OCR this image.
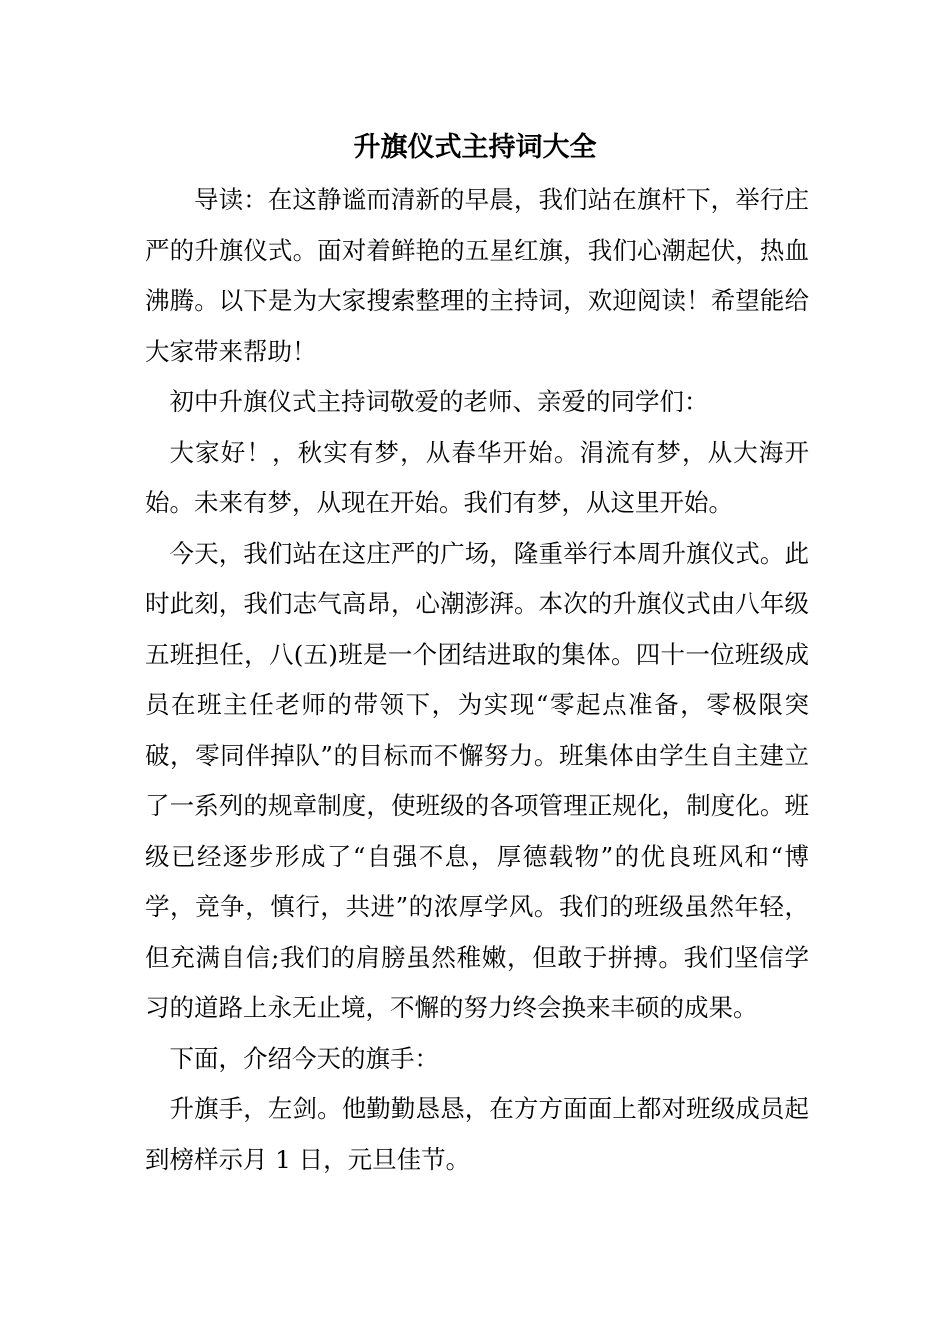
升旗仪式主持词大全

导读：在这静谧而清新的早晨，我们站在旗杆下，举行庄严的升旗仪式。面对着鲜艳的五星红旗，我们心潮起伏，热血沸腾。以下是为大家搜索整理的主持词，欢迎阅读！希望能给大家带来帮助！

初中升旗仪式主持词敬爱的老师、亲爱的同学们：

大家好！，秋实有梦，从春华开始。涓流有梦，从大海开始。未来有梦，从现在开始。我们有梦，从这里开始。

今天，我们站在这庄严的广场，隆重举行本周升旗仪式。此时此刻，我们志气高昂，心潮澎湃。本次的升旗仪式由八年级五班担任，八(五)班是一个团结进取的集体。四十一位班级成员在班主任老师的带领下，为实现“零起点准备，零极限突破，零同伴掉队”的目标而不懈努力。班集体由学生自主建立了一系列的规章制度，使班级的各项管理正规化，制度化。班级已经逐步形成了“自强不息，厚德载物”的优良班风和“博学，竞争，慎行，共进”的浓厚学风。我们的班级虽然年轻，但充满自信;我们的肩膀虽然稚嫩，但敢于拼搏。我们坚信学习的道路上永无止境，不懈的努力终会换来丰硕的成果。

下面，介绍今天的旗手：

升旗手，左剑。他勤勤恳恳，在方方面面上都对班级成员起到榜样示月 1 日，元旦佳节。
